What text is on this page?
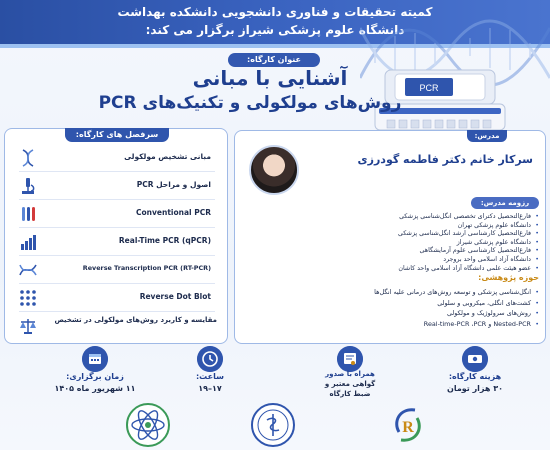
کمیته تحقیقات و فناوری دانشجویی دانشکده بهداشت
دانشگاه علوم پزشکی شیراز برگزار می کند:
PCR
عنوان کارگاه:
آشنایی با مبانی
روش‌های مولکولی و تکنیک‌های PCR
سرفصل های کارگاه:
مبانی تشخیص مولکولی
اصول و مراحل PCR
Conventional PCR
Real-Time PCR (qPCR)
Reverse Transcription PCR (RT-PCR)
Reverse Dot Blot
مقایسه و کاربرد روش‌های مولکولی در تشخیص
مدرس:
سرکار خانم دکتر فاطمه گودرزی
رزومه مدرس:
• فارغ‌التحصیل دکترای تخصصی انگل‌شناسی پزشکی
• دانشگاه علوم پزشکی تهران
• فارغ‌التحصیل کارشناسی ارشد انگل‌شناسی پزشکی
• دانشگاه علوم پزشکی شیراز
• فارغ‌التحصیل کارشناسی علوم آزمایشگاهی
• دانشگاه آزاد اسلامی واحد بروجرد
• عضو هیئت علمی دانشگاه آزاد اسلامی واحد کاشان
حوزه پژوهشی:
• انگل‌شناسی پزشکی و توسعه روش‌های درمانی علیه انگل‌ها
• کشت‌های انگلی، میکروبی و سلولی
• روش‌های سرولوژیک و مولکولی
• Nested-PCR و Real-time-PCR ،PCR
زمان برگزاری:
۱۱ شهریور ماه ۱۴۰۵
ساعت:
۱۷–۱۹
همراه با صدور
گواهی معتبر و
ضبط کارگاه
هزینه کارگاه:
۳۰ هزار تومان
R
